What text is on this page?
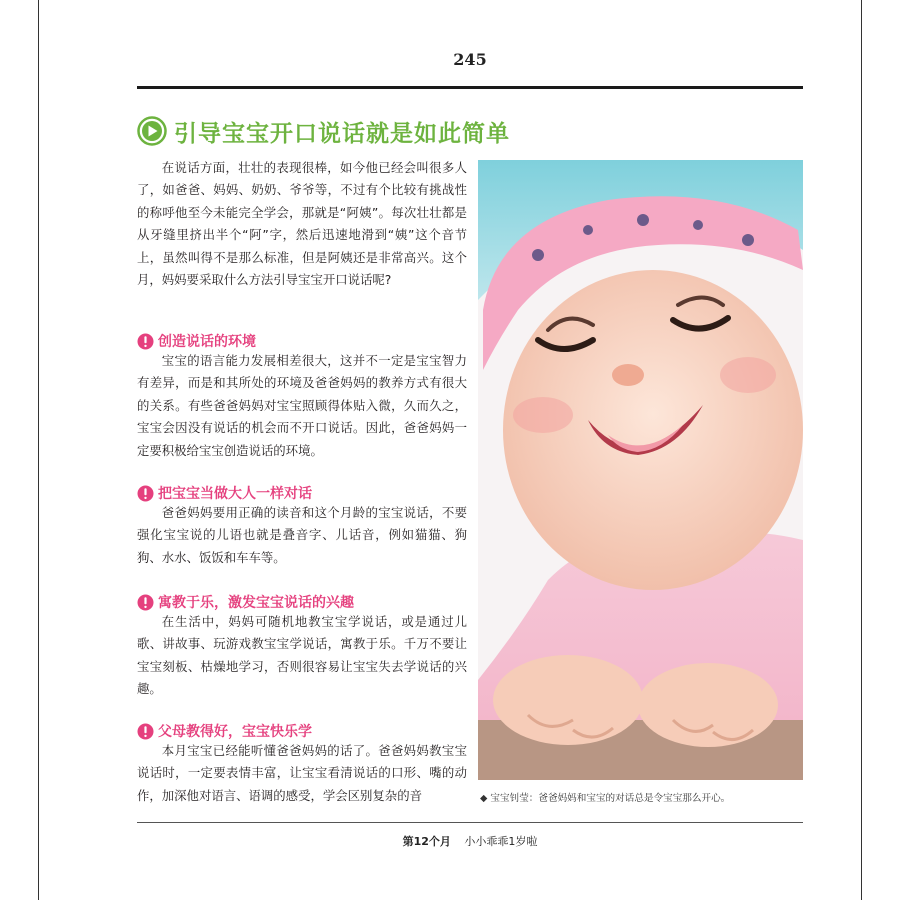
245
引导宝宝开口说话就是如此简单

在说话方面，壮壮的表现很棒，如今他已经会叫很多人了，如爸爸、妈妈、奶奶、爷爷等，不过有个比较有挑战性的称呼他至今未能完全学会，那就是“阿姨”。每次壮壮都是从牙缝里挤出半个“阿”字，然后迅速地滑到“姨”这个音节上，虽然叫得不是那么标准，但是阿姨还是非常高兴。这个月，妈妈要采取什么方法引导宝宝开口说话呢?

创造说话的环境

宝宝的语言能力发展相差很大，这并不一定是宝宝智力有差异，而是和其所处的环境及爸爸妈妈的教养方式有很大的关系。有些爸爸妈妈对宝宝照顾得体贴入微，久而久之，宝宝会因没有说话的机会而不开口说话。因此，爸爸妈妈一定要积极给宝宝创造说话的环境。

把宝宝当做大人一样对话

爸爸妈妈要用正确的读音和这个月龄的宝宝说话，不要强化宝宝说的儿语也就是叠音字、儿话音，例如猫猫、狗狗、水水、饭饭和车车等。

寓教于乐，激发宝宝说话的兴趣

在生活中，妈妈可随机地教宝宝学说话，或是通过儿歌、讲故事、玩游戏教宝宝学说话，寓教于乐。千万不要让宝宝刻板、枯燥地学习，否则很容易让宝宝失去学说话的兴趣。

父母教得好，宝宝快乐学

本月宝宝已经能听懂爸爸妈妈的话了。爸爸妈妈教宝宝说话时，一定要表情丰富，让宝宝看清说话的口形、嘴的动作，加深他对语言、语调的感受，学会区别复杂的音	◆ 宝宝钊莹：爸爸妈妈和宝宝的对话总是令宝宝那么开心。
第12个月 小小乖乖1岁啦
